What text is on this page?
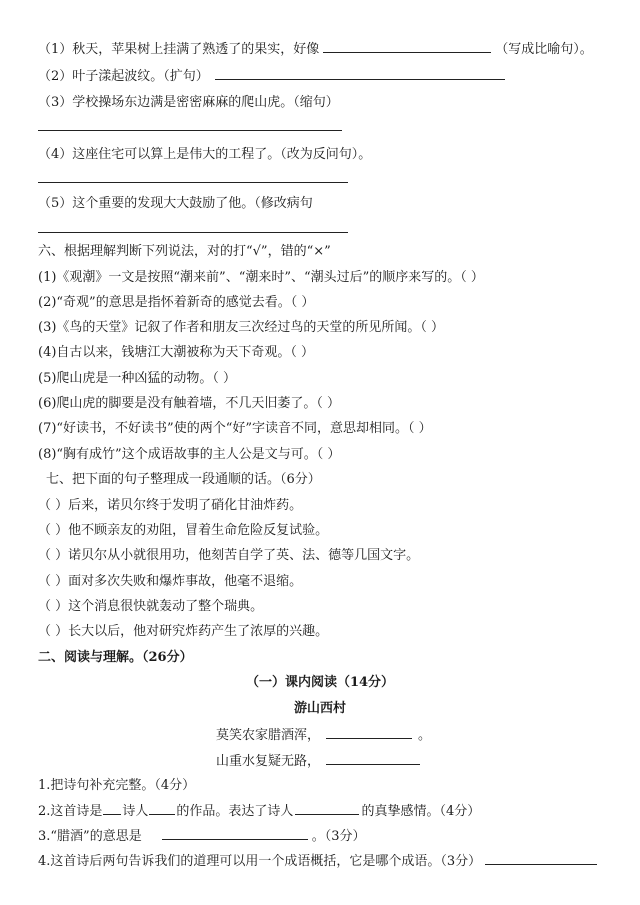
（1）秋天，苹果树上挂满了熟透了的果实，好像	（写成比喻句）。
（2）叶子漾起波纹。（扩句）
（3）学校操场东边满是密密麻麻的爬山虎。（缩句）
（4）这座住宅可以算上是伟大的工程了。（改为反问句）。
（5）这个重要的发现大大鼓励了他。（修改病句
六、根据理解判断下列说法，对的打“√”，错的“×”
(1)《观潮》一文是按照“潮来前”、“潮来时”、“潮头过后”的顺序来写的。（ ）
(2)“奇观”的意思是指怀着新奇的感觉去看。（ ）
(3)《鸟的天堂》记叙了作者和朋友三次经过鸟的天堂的所见所闻。（ ）
(4)自古以来，钱塘江大潮被称为天下奇观。（ ）
(5)爬山虎是一种凶猛的动物。（ ）
(6)爬山虎的脚要是没有触着墙，不几天旧萎了。（ ）
(7)“好读书，不好读书”使的两个“好”字读音不同，意思却相同。（ ）
(8)“胸有成竹”这个成语故事的主人公是文与可。（ ）
七、把下面的句子整理成一段通顺的话。（6分）
（ ）后来，诺贝尔终于发明了硝化甘油炸药。
（ ）他不顾亲友的劝阻，冒着生命危险反复试验。
（ ）诺贝尔从小就很用功，他刻苦自学了英、法、德等几国文字。
（ ）面对多次失败和爆炸事故，他毫不退缩。
（ ）这个消息很快就轰动了整个瑞典。
（ ）长大以后，他对研究炸药产生了浓厚的兴趣。
二、阅读与理解。（26分）
（一）课内阅读（14分）
游山西村
莫笑农家腊酒浑，	。
山重水复疑无路，
1.把诗句补充完整。（4分）
2.这首诗是 诗人 的作品。表达了诗人	的真挚感情。（4分）
3.“腊酒”的意思是	。（3分）
4.这首诗后两句告诉我们的道理可以用一个成语概括，它是哪个成语。（3分）
